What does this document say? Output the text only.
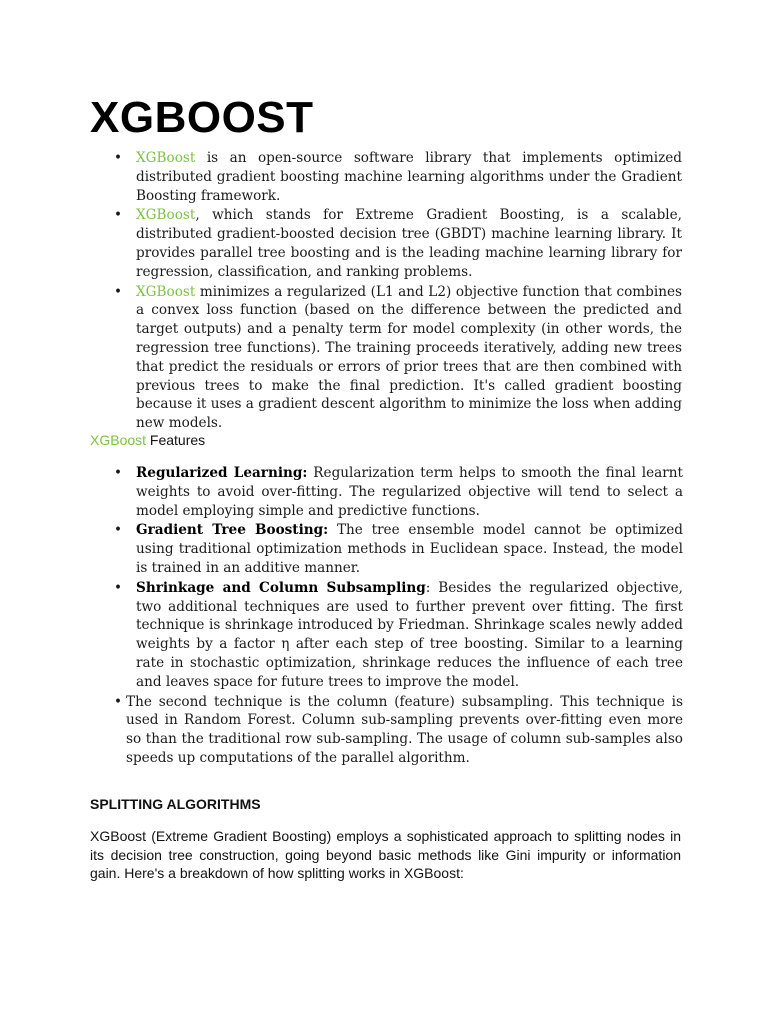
XGBOOST
• XGBoost is an open-source software library that implements optimized distributed gradient boosting machine learning algorithms under the Gradient Boosting framework.
• XGBoost, which stands for Extreme Gradient Boosting, is a scalable, distributed gradient-boosted decision tree (GBDT) machine learning library. It provides parallel tree boosting and is the leading machine learning library for regression, classification, and ranking problems.
• XGBoost minimizes a regularized (L1 and L2) objective function that combines a convex loss function (based on the difference between the predicted and target outputs) and a penalty term for model complexity (in other words, the regression tree functions). The training proceeds iteratively, adding new trees that predict the residuals or errors of prior trees that are then combined with previous trees to make the final prediction. It's called gradient boosting because it uses a gradient descent algorithm to minimize the loss when adding new models.

XGBoost Features

• Regularized Learning: Regularization term helps to smooth the final learnt weights to avoid over-fitting. The regularized objective will tend to select a model employing simple and predictive functions.
• Gradient Tree Boosting: The tree ensemble model cannot be optimized using traditional optimization methods in Euclidean space. Instead, the model is trained in an additive manner.
• Shrinkage and Column Subsampling: Besides the regularized objective, two additional techniques are used to further prevent over fitting. The first technique is shrinkage introduced by Friedman. Shrinkage scales newly added weights by a factor η after each step of tree boosting. Similar to a learning rate in stochastic optimization, shrinkage reduces the influence of each tree and leaves space for future trees to improve the model.
• The second technique is the column (feature) subsampling. This technique is used in Random Forest. Column sub-sampling prevents over-fitting even more so than the traditional row sub-sampling. The usage of column sub-samples also speeds up computations of the parallel algorithm.
SPLITTING ALGORITHMS

XGBoost (Extreme Gradient Boosting) employs a sophisticated approach to splitting nodes in its decision tree construction, going beyond basic methods like Gini impurity or information gain. Here's a breakdown of how splitting works in XGBoost:
